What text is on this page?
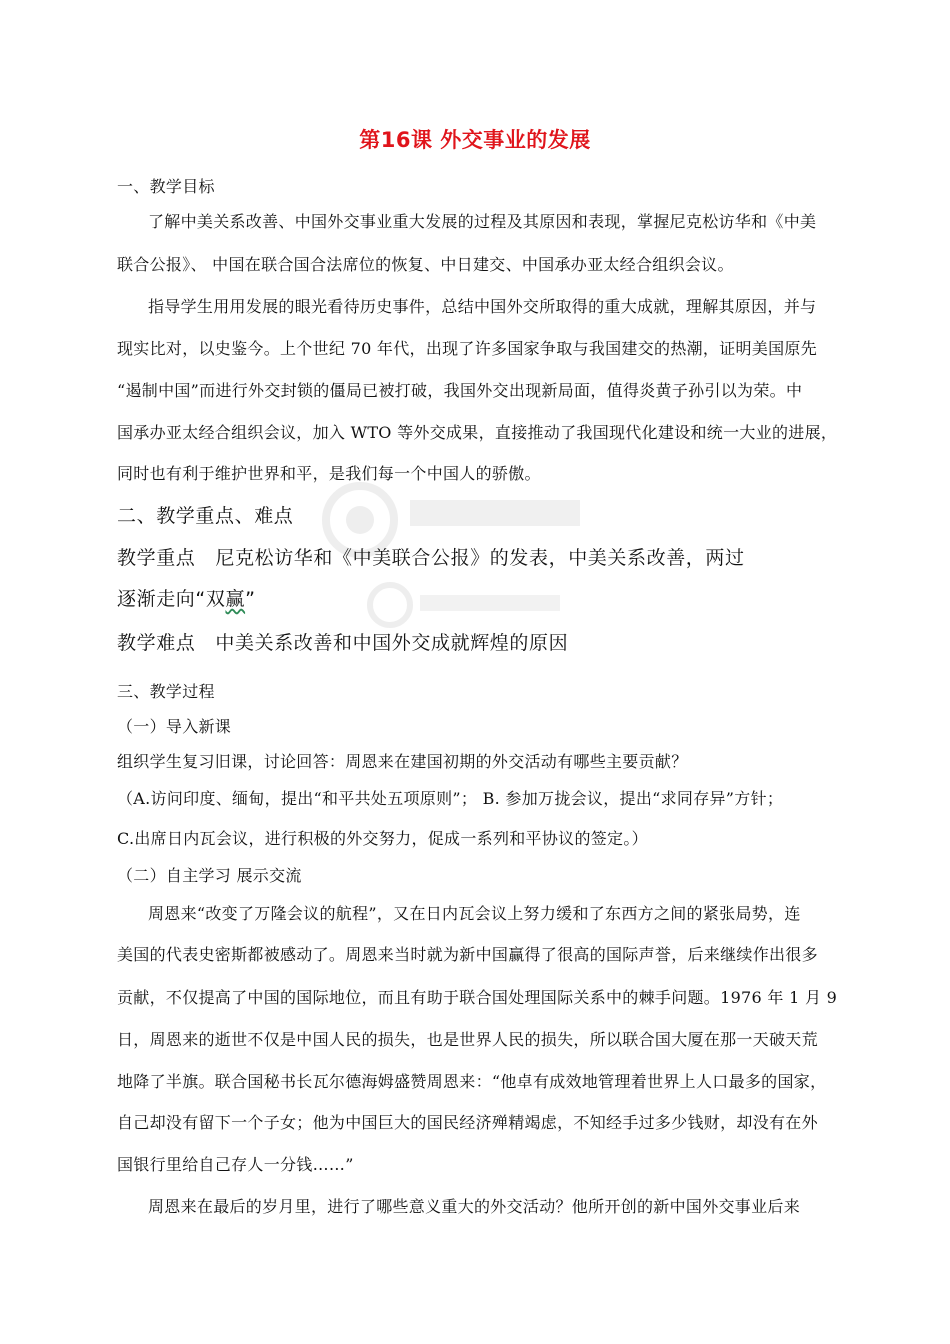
第16课 外交事业的发展
一、教学目标
了解中美关系改善、中国外交事业重大发展的过程及其原因和表现，掌握尼克松访华和《中美
联合公报》、 中国在联合国合法席位的恢复、中日建交、中国承办亚太经合组织会议。
指导学生用用发展的眼光看待历史事件，总结中国外交所取得的重大成就，理解其原因，并与
现实比对，以史鉴今。上个世纪 70 年代，出现了许多国家争取与我国建交的热潮，证明美国原先
“遏制中国”而进行外交封锁的僵局已被打破，我国外交出现新局面，值得炎黄子孙引以为荣。中
国承办亚太经合组织会议，加入 WTO 等外交成果，直接推动了我国现代化建设和统一大业的进展，
同时也有利于维护世界和平，是我们每一个中国人的骄傲。
二、教学重点、难点
教学重点 尼克松访华和《中美联合公报》的发表，中美关系改善，两过
逐渐走向“双赢”
教学难点 中美关系改善和中国外交成就辉煌的原因
三、教学过程
（一）导入新课
组织学生复习旧课，讨论回答：周恩来在建国初期的外交活动有哪些主要贡献？
（A.访问印度、缅甸，提出“和平共处五项原则”； B. 参加万拢会议，提出“求同存异”方针；
C.出席日内瓦会议，进行积极的外交努力，促成一系列和平协议的签定。）
（二）自主学习 展示交流
周恩来“改变了万隆会议的航程”，又在日内瓦会议上努力缓和了东西方之间的紧张局势，连
美国的代表史密斯都被感动了。周恩来当时就为新中国赢得了很高的国际声誉，后来继续作出很多
贡献，不仅提高了中国的国际地位，而且有助于联合国处理国际关系中的棘手问题。1976 年 1 月 9
日，周恩来的逝世不仅是中国人民的损失，也是世界人民的损失，所以联合国大厦在那一天破天荒
地降了半旗。联合国秘书长瓦尔德海姆盛赞周恩来：“他卓有成效地管理着世界上人口最多的国家，
自己却没有留下一个子女；他为中国巨大的国民经济殚精竭虑，不知经手过多少钱财，却没有在外
国银行里给自己存人一分钱……”
周恩来在最后的岁月里，进行了哪些意义重大的外交活动？他所开创的新中国外交事业后来
